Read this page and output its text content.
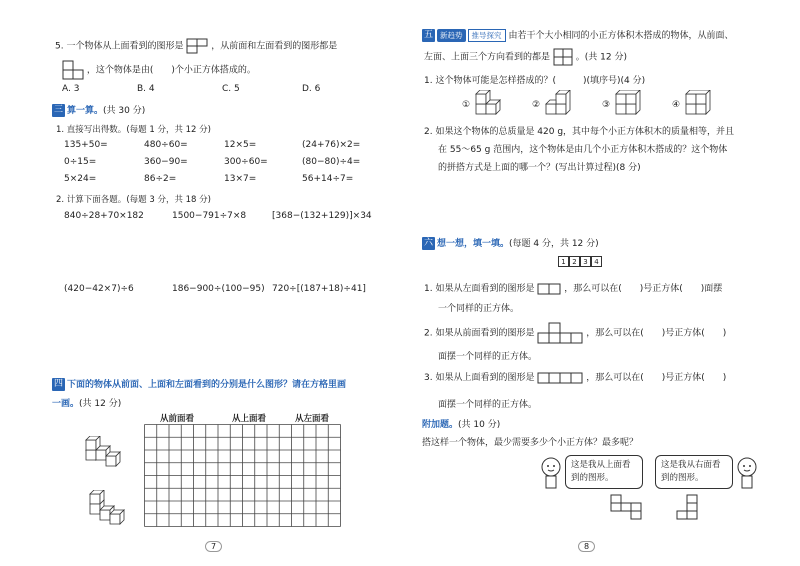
5. 一个物体从上面看到的图形是	，从前面和左面看到的图形都是
，这个物体是由(　　)个小正方体搭成的。
A. 3	B. 4	C. 5	D. 6
三 算一算。(共 30 分)
1. 直接写出得数。(每题 1 分，共 12 分)
135+50=	480÷60=	12×5=	(24+76)×2=
0÷15=	360−90=	300÷60=	(80−80)÷4=
5×24=	86÷2=	13×7=	56+14÷7=
2. 计算下面各题。(每题 3 分，共 18 分)
840÷28+70×182	1500−791÷7×8	[368−(132+129)]×34
(420−42×7)÷6	186−900÷(100−95) 720÷[(187+18)÷41]
四 下面的物体从前面、上面和左面看到的分别是什么图形？请在方格里画
一画。(共 12 分)
从前面看	从上面看	从左面看
7
五 新趋势 推导探究 由若干个大小相同的小正方体积木搭成的物体，从前面、
左面、上面三个方向看到的都是	。(共 12 分)
1. 这个物体可能是怎样搭成的？(　　　)(填序号)(4 分)
①	②	③	④
2. 如果这个物体的总质量是 420 g，其中每个小正方体积木的质量相等，并且
在 55～65 g 范围内，这个物体是由几个小正方体积木搭成的？这个物体
的拼搭方式是上面的哪一个？(写出计算过程)(8 分)
六 想一想，填一填。(每题 4 分，共 12 分)
1 2 3 4
1. 如果从左面看到的图形是	，那么可以在(　　)号正方体(　　)面摆
一个同样的正方体。
2. 如果从前面看到的图形是	，那么可以在(　　)号正方体(　　)
面摆一个同样的正方体。
3. 如果从上面看到的图形是	，那么可以在(　　)号正方体(　　)
面摆一个同样的正方体。
附加题。(共 10 分)
搭这样一个物体，最少需要多少个小正方体？最多呢？
这是我从上面看到的图形。
这是我从右面看到的图形。
8
